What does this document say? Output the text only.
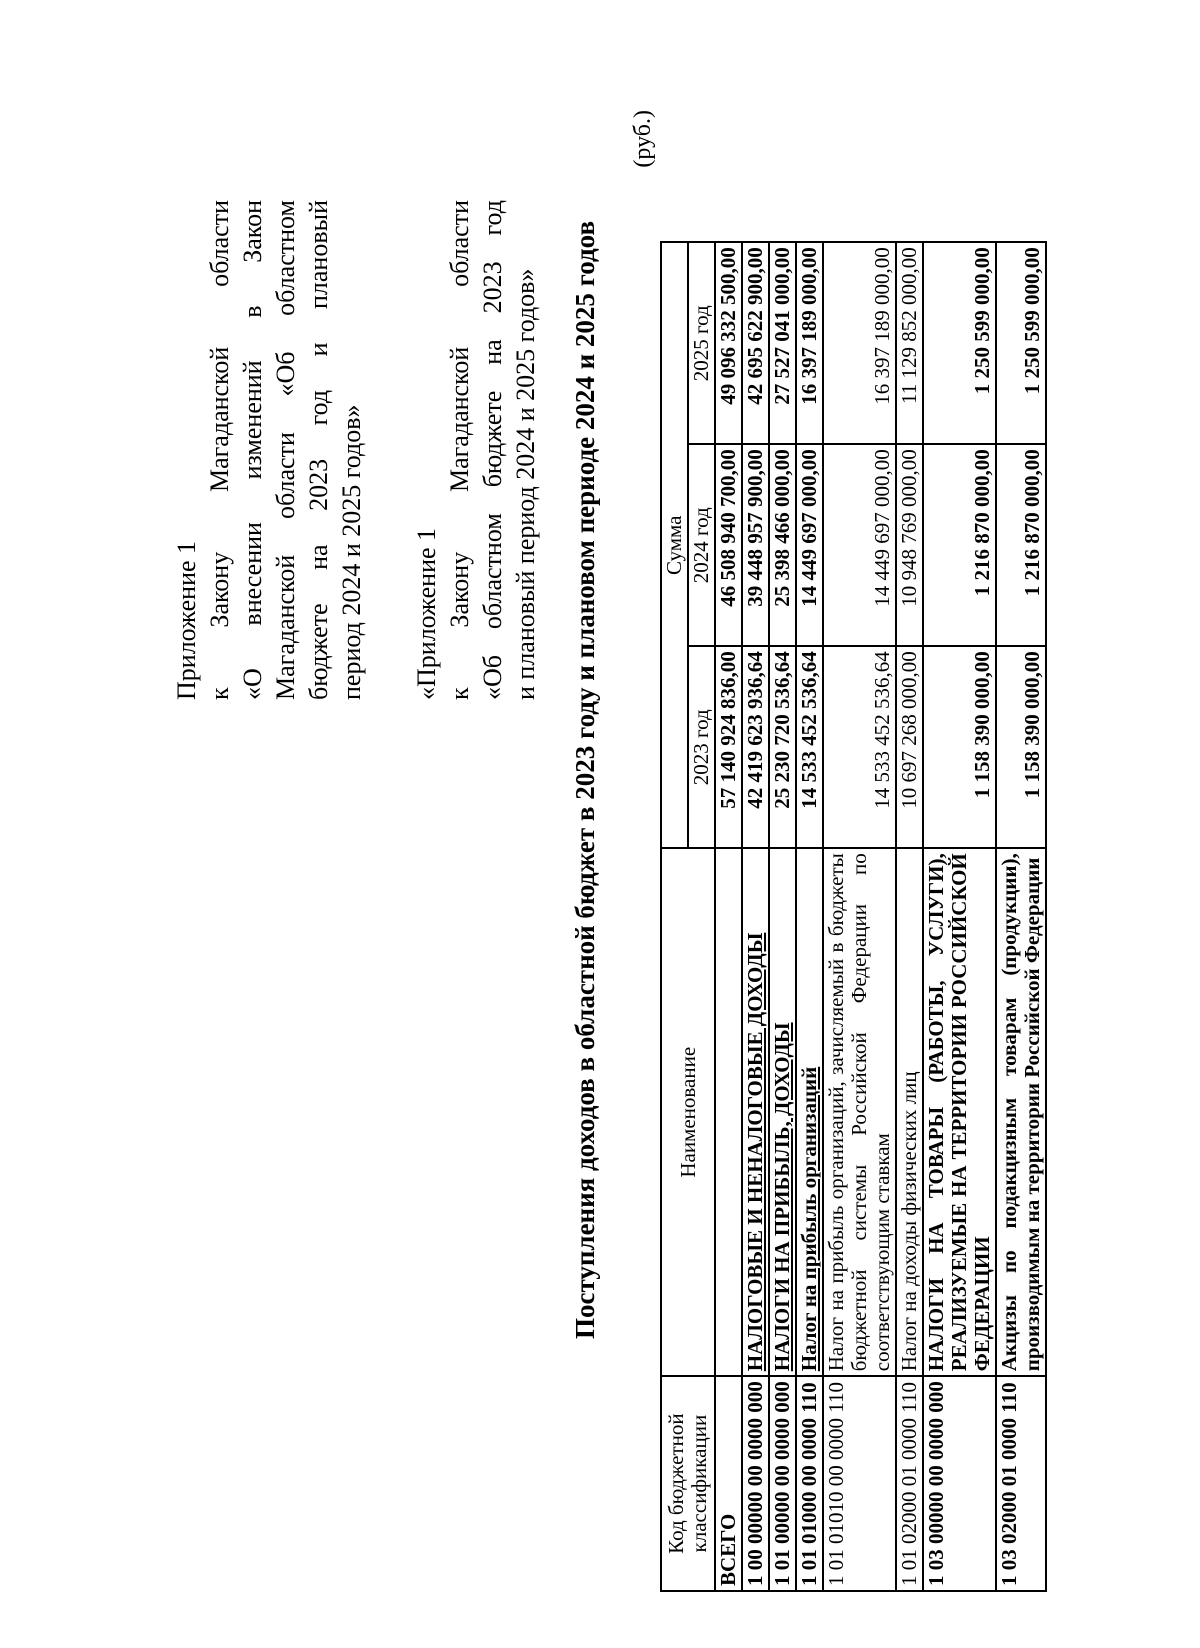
Приложение 1 к Закону Магаданской области «О внесении изменений в Закон Магаданской области «Об областном бюджете на 2023 год и плановый период 2024 и 2025 годов» «Приложение 1 к Закону Магаданской области «Об областном бюджете на 2023 год и плановый период 2024 и 2025 годов» Поступления доходов в областной бюджет в 2023 году и плановом периоде 2024 и 2025 годов
(руб.)
Код бюджетной классификации	Наименование	Сумма		
		2023 год	2024 год	2025 год
ВСЕГО		57 140 924 836,00	46 508 940 700,00	49 096 332 500,00
1 00 00000 00 0000 000	НАЛОГОВЫЕ И НЕНАЛОГОВЫЕ ДОХОДЫ	42 419 623 936,64	39 448 957 900,00	42 695 622 900,00
1 01 00000 00 0000 000	НАЛОГИ НА ПРИБЫЛЬ, ДОХОДЫ	25 230 720 536,64	25 398 466 000,00	27 527 041 000,00
1 01 01000 00 0000 110	Налог на прибыль организаций	14 533 452 536,64	14 449 697 000,00	16 397 189 000,00
1 01 01010 00 0000 110	Налог на прибыль организаций, зачисляемый в бюджеты бюджетной системы Российской Федерации по соответствующим ставкам	14 533 452 536,64	14 449 697 000,00	16 397 189 000,00
1 01 02000 01 0000 110	Налог на доходы физических лиц	10 697 268 000,00	10 948 769 000,00	11 129 852 000,00
1 03 00000 00 0000 000	НАЛОГИ НА ТОВАРЫ (РАБОТЫ, УСЛУГИ), РЕАЛИЗУЕМЫЕ НА ТЕРРИТОРИИ РОССИЙСКОЙ ФЕДЕРАЦИИ	1 158 390 000,00	1 216 870 000,00	1 250 599 000,00
1 03 02000 01 0000 110	Акцизы по подакцизным товарам (продукции), производимым на территории Российской Федерации	1 158 390 000,00	1 216 870 000,00	1 250 599 000,00
